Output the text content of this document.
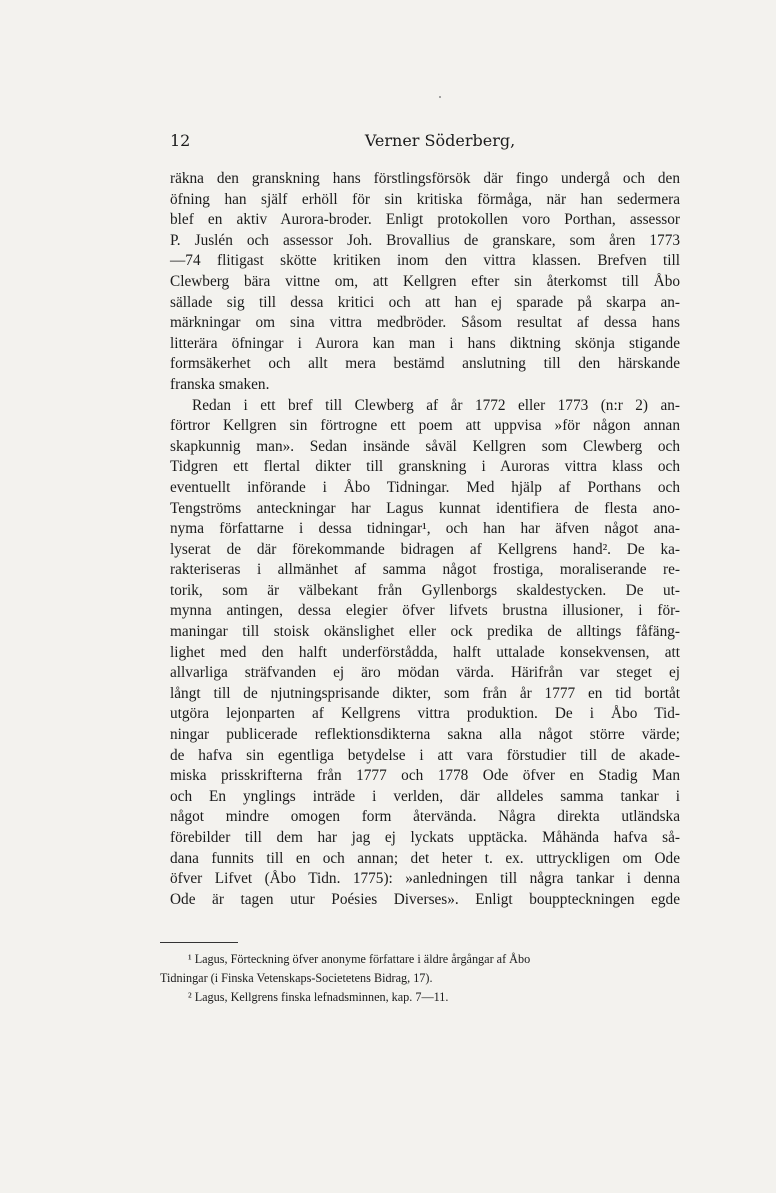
12	Verner Söderberg,
räkna den granskning hans förstlingsförsök där fingo undergå och den
öfning han själf erhöll för sin kritiska förmåga, när han sedermera
blef en aktiv Aurora-broder. Enligt protokollen voro Porthan, assessor
P. Juslén och assessor Joh. Brovallius de granskare, som åren 1773
—74 flitigast skötte kritiken inom den vittra klassen. Brefven till
Clewberg bära vittne om, att Kellgren efter sin återkomst till Åbo
sällade sig till dessa kritici och att han ej sparade på skarpa an-
märkningar om sina vittra medbröder. Såsom resultat af dessa hans
litterära öfningar i Aurora kan man i hans diktning skönja stigande
formsäkerhet och allt mera bestämd anslutning till den härskande
franska smaken.
Redan i ett bref till Clewberg af år 1772 eller 1773 (n:r 2) an-
förtror Kellgren sin förtrogne ett poem att uppvisa »för någon annan
skapkunnig man». Sedan insände såväl Kellgren som Clewberg och
Tidgren ett flertal dikter till granskning i Auroras vittra klass och
eventuellt införande i Åbo Tidningar. Med hjälp af Porthans och
Tengströms anteckningar har Lagus kunnat identifiera de flesta ano-
nyma författarne i dessa tidningar¹, och han har äfven något ana-
lyserat de där förekommande bidragen af Kellgrens hand². De ka-
rakteriseras i allmänhet af samma något frostiga, moraliserande re-
torik, som är välbekant från Gyllenborgs skaldestycken. De ut-
mynna antingen, dessa elegier öfver lifvets brustna illusioner, i för-
maningar till stoisk okänslighet eller ock predika de alltings fåfäng-
lighet med den halft underförstådda, halft uttalade konsekvensen, att
allvarliga sträfvanden ej äro mödan värda. Härifrån var steget ej
långt till de njutningsprisande dikter, som från år 1777 en tid bortåt
utgöra lejonparten af Kellgrens vittra produktion. De i Åbo Tid-
ningar publicerade reflektionsdikterna sakna alla något större värde;
de hafva sin egentliga betydelse i att vara förstudier till de akade-
miska prisskrifterna från 1777 och 1778 Ode öfver en Stadig Man
och En ynglings inträde i verlden, där alldeles samma tankar i
något mindre omogen form återvända. Några direkta utländska
förebilder till dem har jag ej lyckats upptäcka. Måhända hafva så-
dana funnits till en och annan; det heter t. ex. uttryckligen om Ode
öfver Lifvet (Åbo Tidn. 1775): »anledningen till några tankar i denna
Ode är tagen utur Poésies Diverses». Enligt bouppteckningen egde
¹ Lagus, Förteckning öfver anonyme författare i äldre årgångar af Åbo
Tidningar (i Finska Vetenskaps-Societetens Bidrag, 17).
² Lagus, Kellgrens finska lefnadsminnen, kap. 7—11.
